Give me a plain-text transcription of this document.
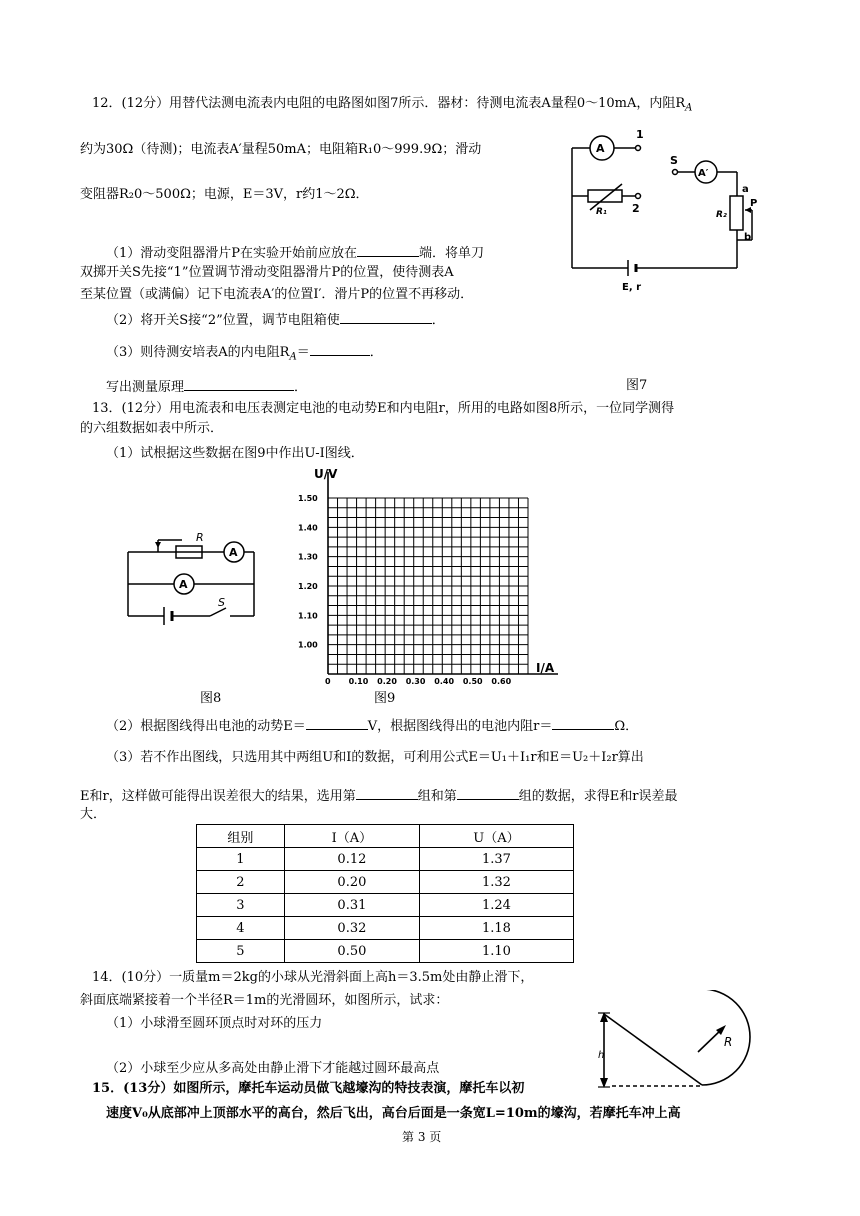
12．(12分）用替代法测电流表内电阻的电路图如图7所示．器材：待测电流表A量程0～10mA，内阻$R_A$
约为30Ω（待测)；电流表A′量程50mA；电阻箱R₁0～999.9Ω；滑动
变阻器R₂0～500Ω；电源，E＝3V，r约1～2Ω．
（1）滑动变阻器滑片P在实验开始前应放在	端．将单刀
双掷开关S先接“1”位置调节滑动变阻器滑片P的位置，使待测表A
至某位置（或满偏）记下电流表A′的位置I′．滑片P的位置不再移动．
（2）将开关S接“2”位置，调节电阻箱使	．
（3）则待测安培表A的内电阻$R_A=$	．
写出测量原理	．	图7
A
A′
1
2
S
a
P
b
R₁	R₂
E, r
13．(12分）用电流表和电压表测定电池的电动势E和内电阻r，所用的电路如图8所示，一位同学测得
的六组数据如表中所示．
（1）试根据这些数据在图9中作出U-I图线．
R
A
A
S
图8
U/V
I/A
1.50
1.40
1.30
1.20
1.10
1.00
0 0.10 0.20 0.30 0.40 0.50 0.60
图9
（2）根据图线得出电池的动势E＝	V，根据图线得出的电池内阻r＝	Ω．
（3）若不作出图线，只选用其中两组U和I的数据，可利用公式E＝U₁＋I₁r和E＝U₂＋I₂r算出
E和r，这样做可能得出误差很大的结果，选用第	组和第	组的数据，求得E和r误差最
大．
组别	I（A）	U（A）
1	0.12	1.37
2	0.20	1.32
3	0.31	1.24
4	0.32	1.18
5	0.50	1.10
14．(10分）一质量m＝2kg的小球从光滑斜面上高h＝3.5m处由静止滑下，
斜面底端紧接着一个半径R＝1m的光滑圆环，如图所示，试求：
（1）小球滑至圆环顶点时对环的压力
（2）小球至少应从多高处由静止滑下才能越过圆环最高点
h
R
15．(13分）如图所示，摩托车运动员做飞越壕沟的特技表演，摩托车以初
速度V₀从底部冲上顶部水平的高台，然后飞出，高台后面是一条宽L=10m的壕沟，若摩托车冲上高
第 3 页
